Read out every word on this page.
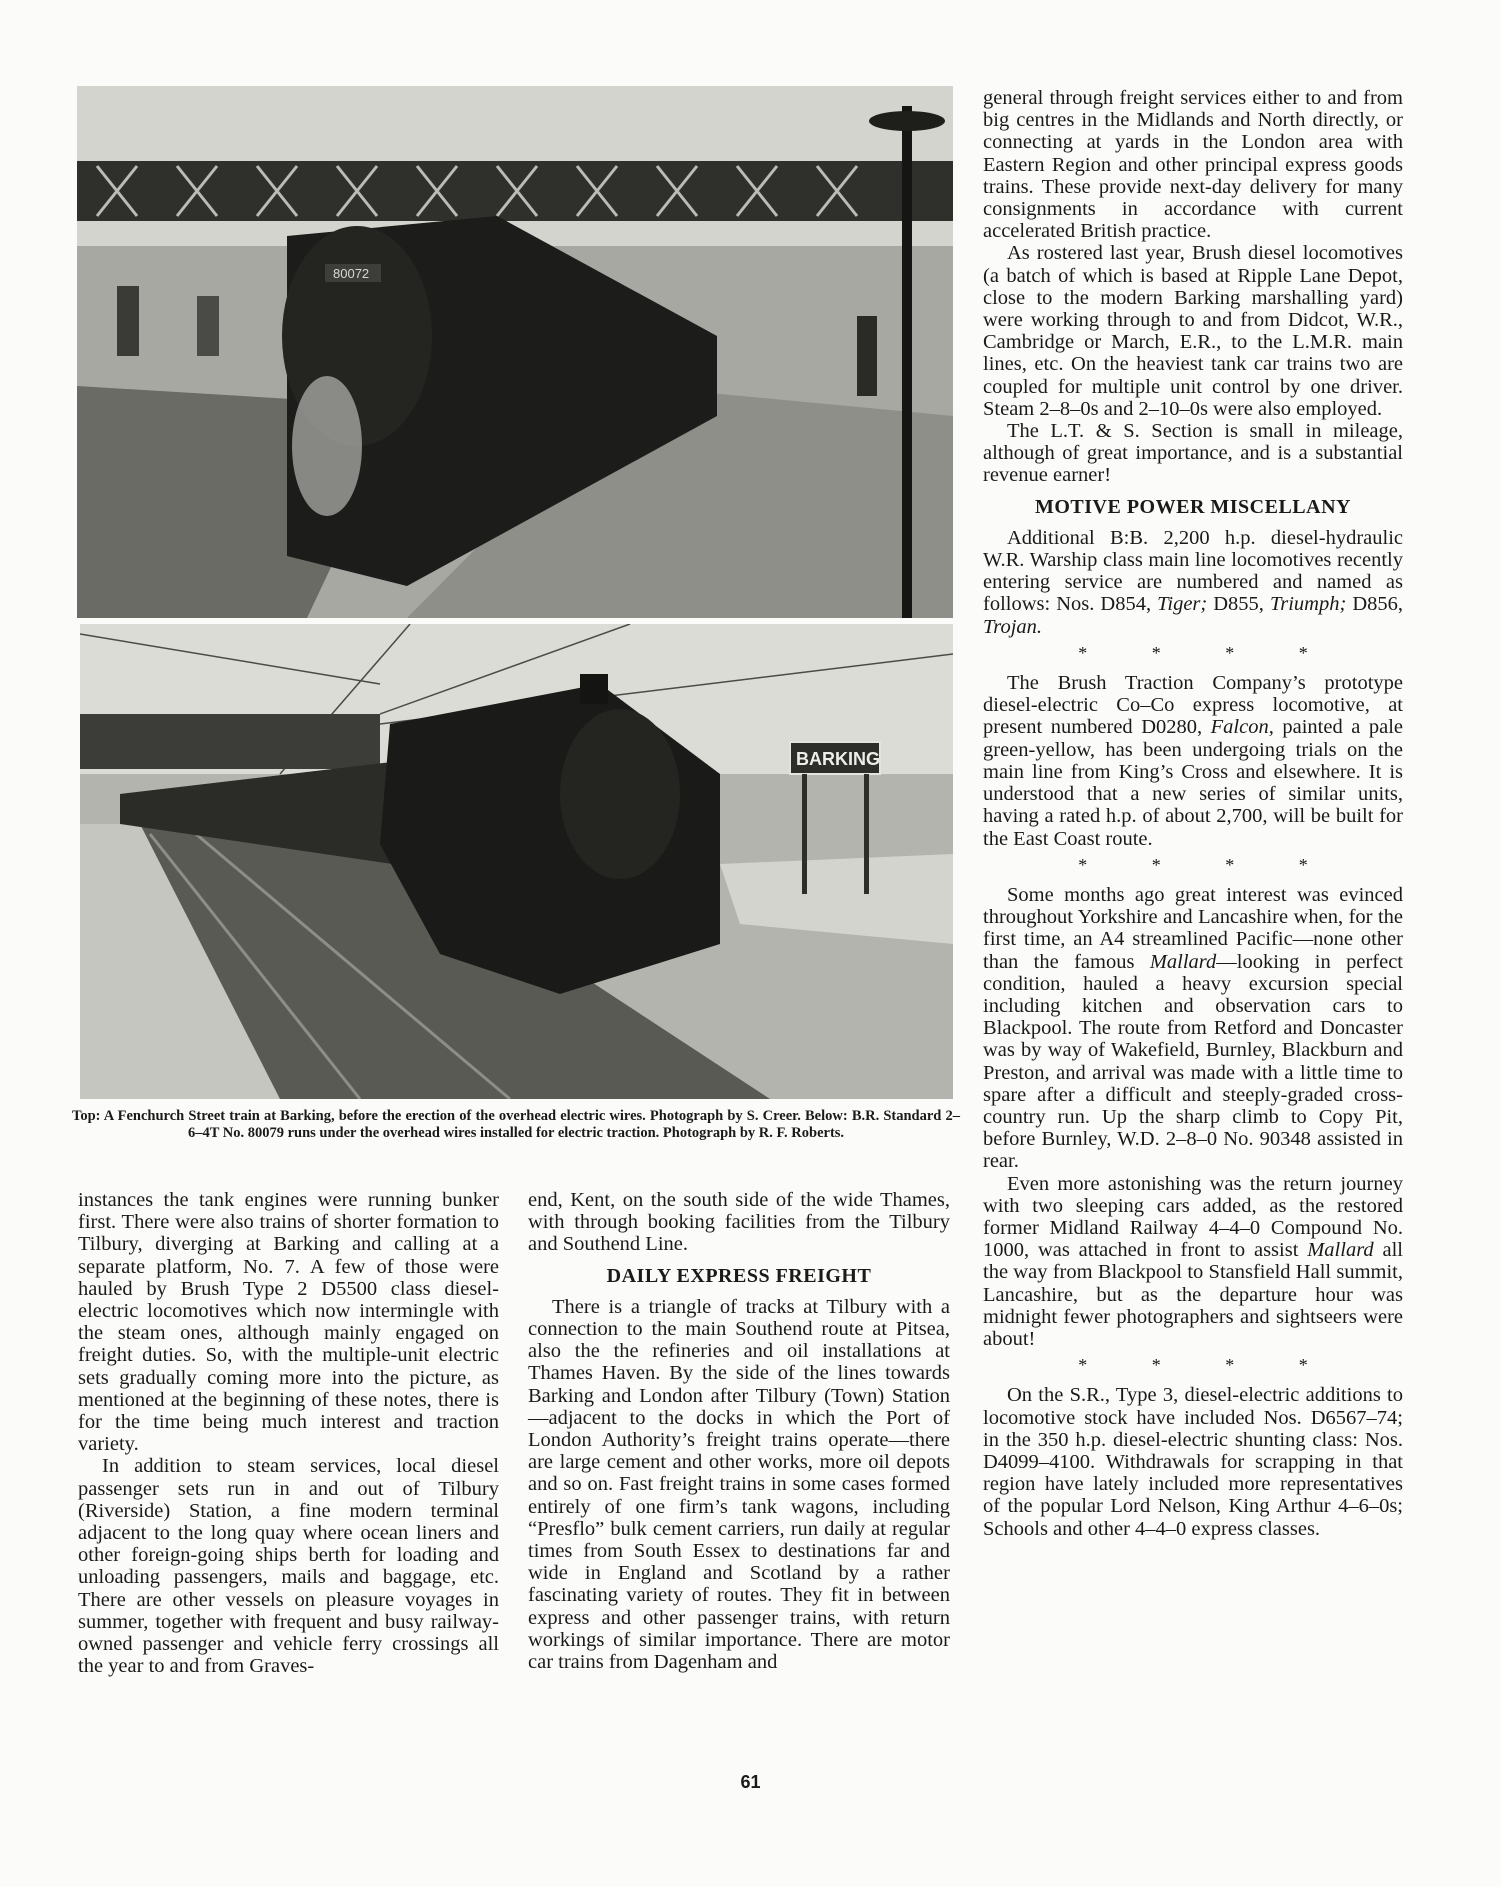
80072
BARKING
Top: A Fenchurch Street train at Barking, before the erection of the overhead electric wires. Photograph by S. Creer. Below: B.R. Standard 2–6–4T No. 80079 runs under the overhead wires installed for electric traction. Photograph by R. F. Roberts.

instances the tank engines were running bunker first. There were also trains of shorter formation to Tilbury, diverging at Barking and calling at a separate platform, No. 7. A few of those were hauled by Brush Type 2 D5500 class diesel-electric locomotives which now intermingle with the steam ones, although mainly engaged on freight duties. So, with the multiple-unit electric sets gradually coming more into the picture, as mentioned at the beginning of these notes, there is for the time being much interest and traction variety.

In addition to steam services, local diesel passenger sets run in and out of Tilbury (Riverside) Station, a fine modern terminal adjacent to the long quay where ocean liners and other foreign-going ships berth for loading and unloading passengers, mails and baggage, etc. There are other vessels on pleasure voyages in summer, together with frequent and busy railway-owned passenger and vehicle ferry crossings all the year to and from Graves-

end, Kent, on the south side of the wide Thames, with through booking facilities from the Tilbury and Southend Line.

DAILY EXPRESS FREIGHT

There is a triangle of tracks at Tilbury with a connection to the main Southend route at Pitsea, also the the refineries and oil installations at Thames Haven. By the side of the lines towards Barking and London after Tilbury (Town) Station —adjacent to the docks in which the Port of London Authority’s freight trains operate—there are large cement and other works, more oil depots and so on. Fast freight trains in some cases formed entirely of one firm’s tank wagons, including “Presflo” bulk cement carriers, run daily at regular times from South Essex to destinations far and wide in England and Scotland by a rather fascinating variety of routes. They fit in between express and other passenger trains, with return workings of similar importance. There are motor car trains from Dagenham and

general through freight services either to and from big centres in the Midlands and North directly, or connecting at yards in the London area with Eastern Region and other principal express goods trains. These provide next-day delivery for many consignments in accordance with current accelerated British practice.

As rostered last year, Brush diesel locomotives (a batch of which is based at Ripple Lane Depot, close to the modern Barking marshalling yard) were working through to and from Didcot, W.R., Cambridge or March, E.R., to the L.M.R. main lines, etc. On the heaviest tank car trains two are coupled for multiple unit control by one driver. Steam 2–8–0s and 2–10–0s were also employed.

The L.T. & S. Section is small in mileage, although of great importance, and is a substantial revenue earner!

MOTIVE POWER MISCELLANY

Additional B:B. 2,200 h.p. diesel-hydraulic W.R. Warship class main line locomotives recently entering service are numbered and named as follows: Nos. D854, Tiger; D855, Triumph; D856, Trojan.

* * * *

The Brush Traction Company’s prototype diesel-electric Co–Co express locomotive, at present numbered D0280, Falcon, painted a pale green-yellow, has been undergoing trials on the main line from King’s Cross and elsewhere. It is understood that a new series of similar units, having a rated h.p. of about 2,700, will be built for the East Coast route.

* * * *

Some months ago great interest was evinced throughout Yorkshire and Lancashire when, for the first time, an A4 streamlined Pacific—none other than the famous Mallard—looking in perfect condition, hauled a heavy excursion special including kitchen and observation cars to Blackpool. The route from Retford and Doncaster was by way of Wakefield, Burnley, Blackburn and Preston, and arrival was made with a little time to spare after a difficult and steeply-graded cross-country run. Up the sharp climb to Copy Pit, before Burnley, W.D. 2–8–0 No. 90348 assisted in rear.

Even more astonishing was the return journey with two sleeping cars added, as the restored former Midland Railway 4–4–0 Compound No. 1000, was attached in front to assist Mallard all the way from Blackpool to Stansfield Hall summit, Lancashire, but as the departure hour was midnight fewer photographers and sightseers were about!

* * * *

On the S.R., Type 3, diesel-electric additions to locomotive stock have included Nos. D6567–74; in the 350 h.p. diesel-electric shunting class: Nos. D4099–4100. Withdrawals for scrapping in that region have lately included more representatives of the popular Lord Nelson, King Arthur 4–6–0s; Schools and other 4–4–0 express classes.

61
